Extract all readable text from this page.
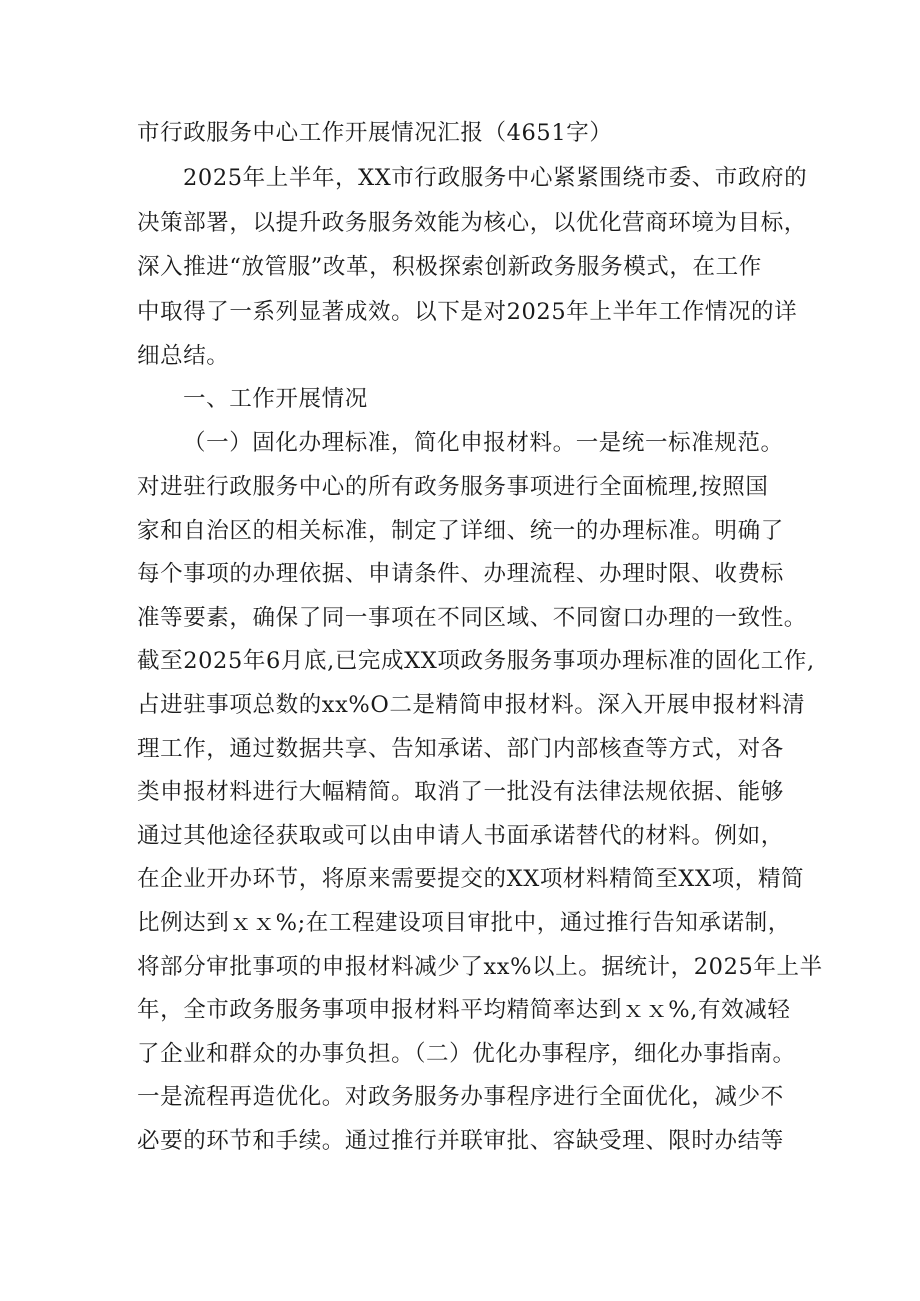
市行政服务中心工作开展情况汇报（4651字）
2025年上半年，XX市行政服务中心紧紧围绕市委、市政府的
决策部署，以提升政务服务效能为核心，以优化营商环境为目标，
深入推进“放管服”改革，积极探索创新政务服务模式，在工作
中取得了一系列显著成效。以下是对2025年上半年工作情况的详
细总结。
一、工作开展情况
（一）固化办理标准，简化申报材料。一是统一标准规范。
对进驻行政服务中心的所有政务服务事项进行全面梳理,按照国
家和自治区的相关标准，制定了详细、统一的办理标准。明确了
每个事项的办理依据、申请条件、办理流程、办理时限、收费标
准等要素，确保了同一事项在不同区域、不同窗口办理的一致性。
截至2025年6月底,已完成XX项政务服务事项办理标准的固化工作,
占进驻事项总数的xx%O二是精简申报材料。深入开展申报材料清
理工作，通过数据共享、告知承诺、部门内部核查等方式，对各
类申报材料进行大幅精简。取消了一批没有法律法规依据、能够
通过其他途径获取或可以由申请人书面承诺替代的材料。例如，
在企业开办环节，将原来需要提交的XX项材料精简至XX项，精简
比例达到ｘｘ%;在工程建设项目审批中，通过推行告知承诺制，
将部分审批事项的申报材料减少了xx%以上。据统计，2025年上半
年，全市政务服务事项申报材料平均精简率达到ｘｘ%,有效减轻
了企业和群众的办事负担。（二）优化办事程序，细化办事指南。
一是流程再造优化。对政务服务办事程序进行全面优化，减少不
必要的环节和手续。通过推行并联审批、容缺受理、限时办结等
